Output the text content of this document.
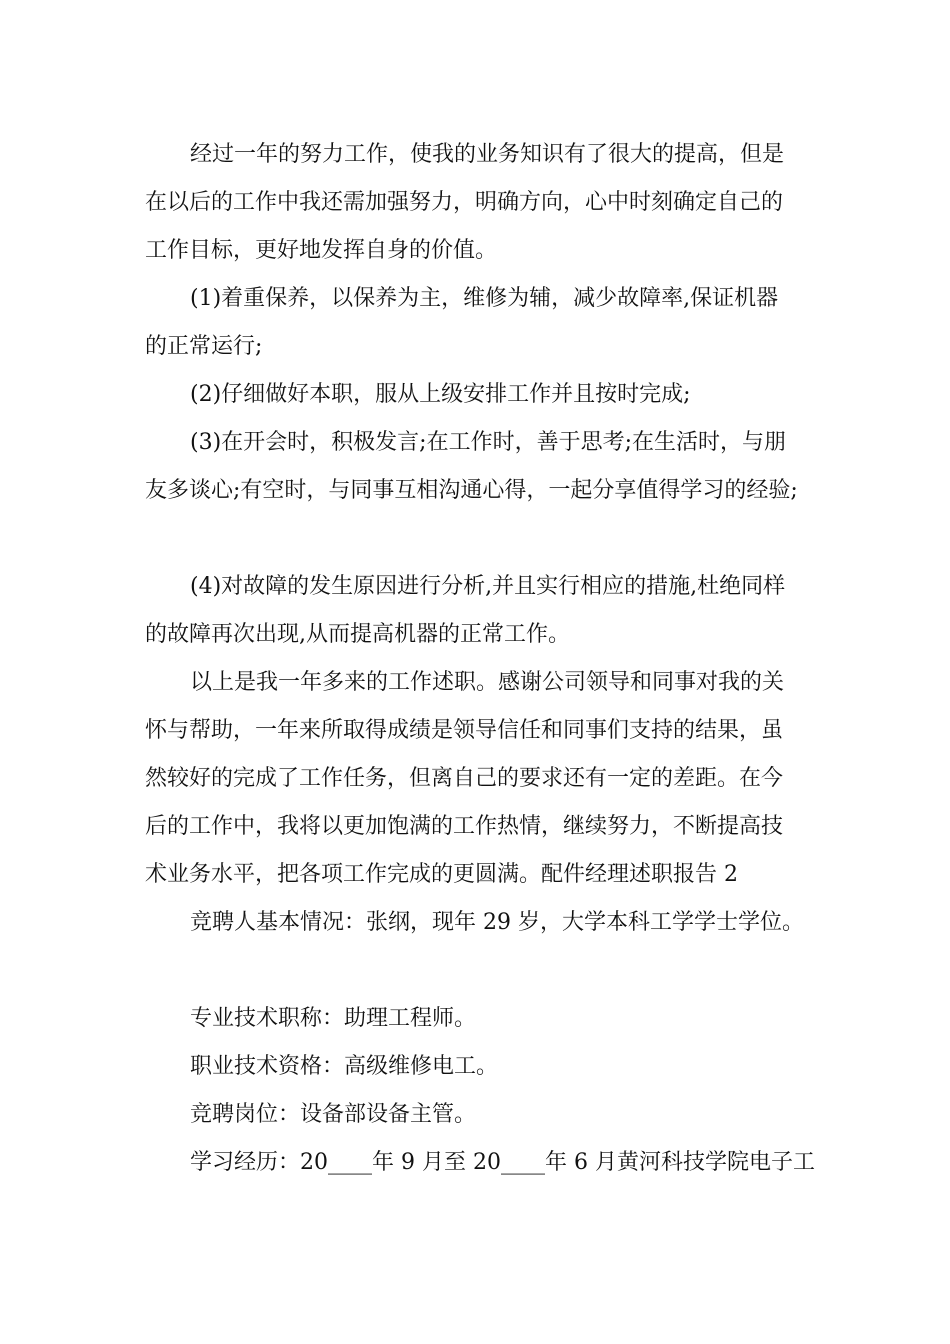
经过一年的努力工作，使我的业务知识有了很大的提高，但是
在以后的工作中我还需加强努力，明确方向，心中时刻确定自己的
工作目标，更好地发挥自身的价值。
(1)着重保养，以保养为主，维修为辅，减少故障率,保证机器
的正常运行;
(2)仔细做好本职，服从上级安排工作并且按时完成;
(3)在开会时，积极发言;在工作时，善于思考;在生活时，与朋
友多谈心;有空时，与同事互相沟通心得，一起分享值得学习的经验;
(4)对故障的发生原因进行分析,并且实行相应的措施,杜绝同样
的故障再次出现,从而提高机器的正常工作。
以上是我一年多来的工作述职。感谢公司领导和同事对我的关
怀与帮助，一年来所取得成绩是领导信任和同事们支持的结果，虽
然较好的完成了工作任务，但离自己的要求还有一定的差距。在今
后的工作中，我将以更加饱满的工作热情，继续努力，不断提高技
术业务水平，把各项工作完成的更圆满。配件经理述职报告 2
竞聘人基本情况：张纲，现年 29 岁，大学本科工学学士学位。
专业技术职称：助理工程师。
职业技术资格：高级维修电工。
竞聘岗位：设备部设备主管。
学习经历：20____年 9 月至 20____年 6 月黄河科技学院电子工
